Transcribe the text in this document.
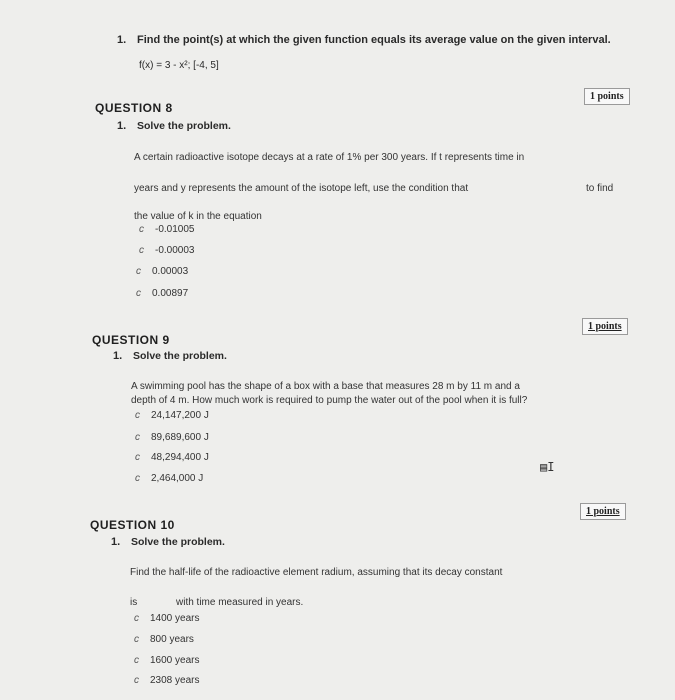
1. Find the point(s) at which the given function equals its average value on the given interval.
f(x) = 3 - x²; [-4, 5]
1 points
QUESTION 8
1. Solve the problem.
A certain radioactive isotope decays at a rate of 1% per 300 years. If t represents time in
years and y represents the amount of the isotope left, use the condition that	to find
the value of k in the equation
c -0.01005
c -0.00003
c 0.00003
c 0.00897
1 points
QUESTION 9
1. Solve the problem.
A swimming pool has the shape of a box with a base that measures 28 m by 11 m and a
depth of 4 m. How much work is required to pump the water out of the pool when it is full?
c 24,147,200 J
c 89,689,600 J
c 48,294,400 J
c 2,464,000 J
▤I
1 points
QUESTION 10
1. Solve the problem.
Find the half-life of the radioactive element radium, assuming that its decay constant
is	with time measured in years.
c 1400 years
c 800 years
c 1600 years
c 2308 years
